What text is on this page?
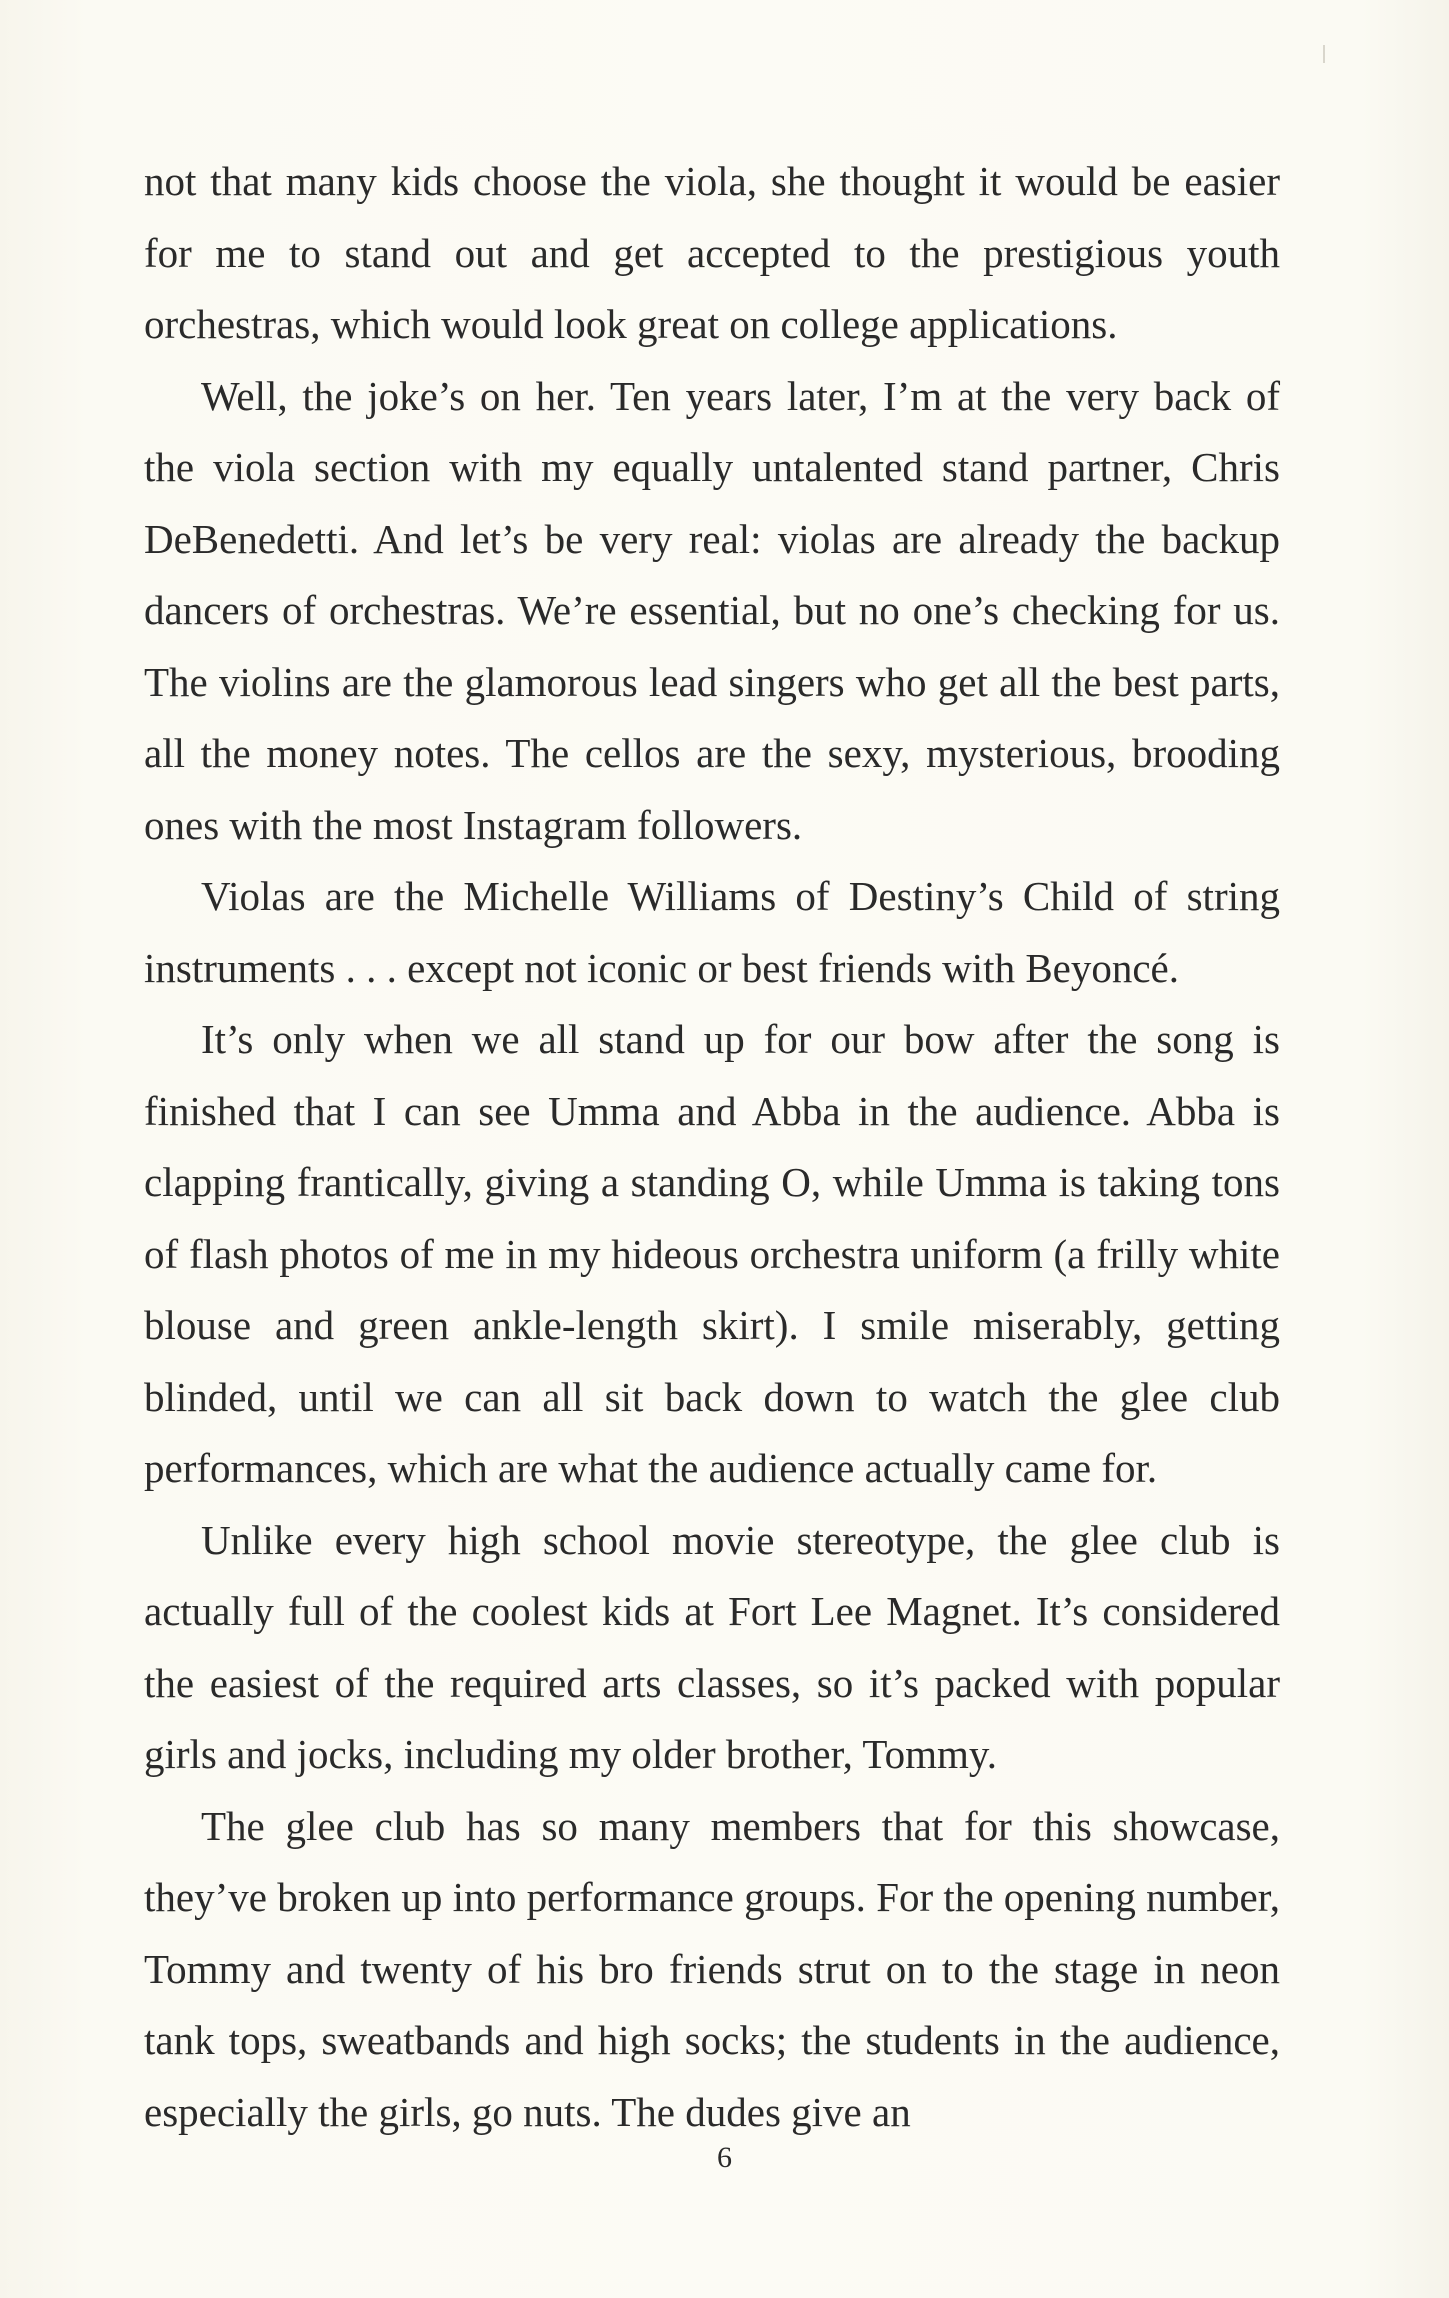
not that many kids choose the viola, she thought it would be easier for me to stand out and get accepted to the prestigious youth orchestras, which would look great on college applications.

Well, the joke’s on her. Ten years later, I’m at the very back of the viola section with my equally untalented stand partner, Chris DeBenedetti. And let’s be very real: violas are already the backup dancers of orchestras. We’re essential, but no one’s checking for us. The violins are the glamorous lead singers who get all the best parts, all the money notes. The cellos are the sexy, mysterious, brooding ones with the most Instagram followers.

Violas are the Michelle Williams of Destiny’s Child of string instruments . . . except not iconic or best friends with Beyoncé.

It’s only when we all stand up for our bow after the song is finished that I can see Umma and Abba in the audience. Abba is clapping frantically, giving a standing O, while Umma is taking tons of flash photos of me in my hideous orchestra uniform (a frilly white blouse and green ankle-length skirt). I smile miserably, getting blinded, until we can all sit back down to watch the glee club performances, which are what the audience actually came for.

Unlike every high school movie stereotype, the glee club is actually full of the coolest kids at Fort Lee Magnet. It’s considered the easiest of the required arts classes, so it’s packed with popular girls and jocks, including my older brother, Tommy.

The glee club has so many members that for this showcase, they’ve broken up into performance groups. For the opening number, Tommy and twenty of his bro friends strut on to the stage in neon tank tops, sweatbands and high socks; the students in the audience, especially the girls, go nuts. The dudes give an

6
